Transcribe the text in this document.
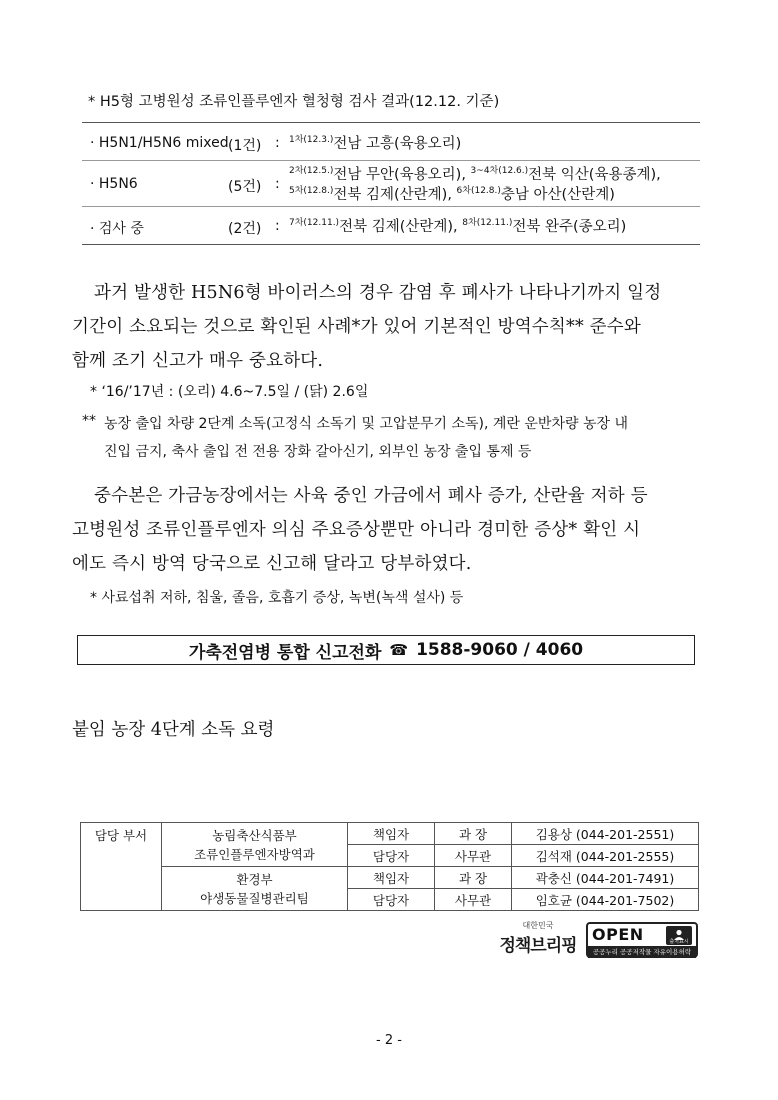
* H5형 고병원성 조류인플루엔자 혈청형 검사 결과(12.12. 기준)
· H5N1/H5N6 mixed (1건) : $^{1차(12.3.)}$전남 고흥(육용오리)
· H5N6	(5건) :
$^{2차(12.5.)}$전남 무안(육용오리), $^{3\sim 4차(12.6.)}$전북 익산(육용종계),
$^{5차(12.8.)}$전북 김제(산란계), $^{6차(12.8.)}$충남 아산(산란계)
· 검사 중	(2건) : $^{7차(12.11.)}$전북 김제(산란계), $^{8차(12.11.)}$전북 완주(종오리)
과거 발생한 H5N6형 바이러스의 경우 감염 후 폐사가 나타나기까지 일정
기간이 소요되는 것으로 확인된 사례*가 있어 기본적인 방역수칙** 준수와
함께 조기 신고가 매우 중요하다.
* ‘16/’17년 : (오리) 4.6~7.5일 / (닭) 2.6일
** 농장 출입 차량 2단계 소독(고정식 소독기 및 고압분무기 소독), 계란 운반차량 농장 내
진입 금지, 축사 출입 전 전용 장화 갈아신기, 외부인 농장 출입 통제 등
중수본은 가금농장에서는 사육 중인 가금에서 폐사 증가, 산란율 저하 등
고병원성 조류인플루엔자 의심 주요증상뿐만 아니라 경미한 증상* 확인 시
에도 즉시 방역 당국으로 신고해 달라고 당부하였다.
* 사료섭취 저하, 침울, 졸음, 호흡기 증상, 녹변(녹색 설사) 등
가축전염병 통합 신고전화 ☎ 1588-9060 / 4060
붙임 농장 4단계 소독 요령
담당 부서	농림축산식품부
조류인플루엔자방역과	책임자	과 장	김용상 (044-201-2551)
		담당자	사무관	김석재 (044-201-2555)

	환경부
야생동물질병관리팀	책임자	과 장	곽충신 (044-201-7491)
		담당자	사무관	임호균 (044-201-7502)
대한민국
정책브리핑
OPEN	출처표시
공공누리 공공저작물 자유이용허락
- 2 -
